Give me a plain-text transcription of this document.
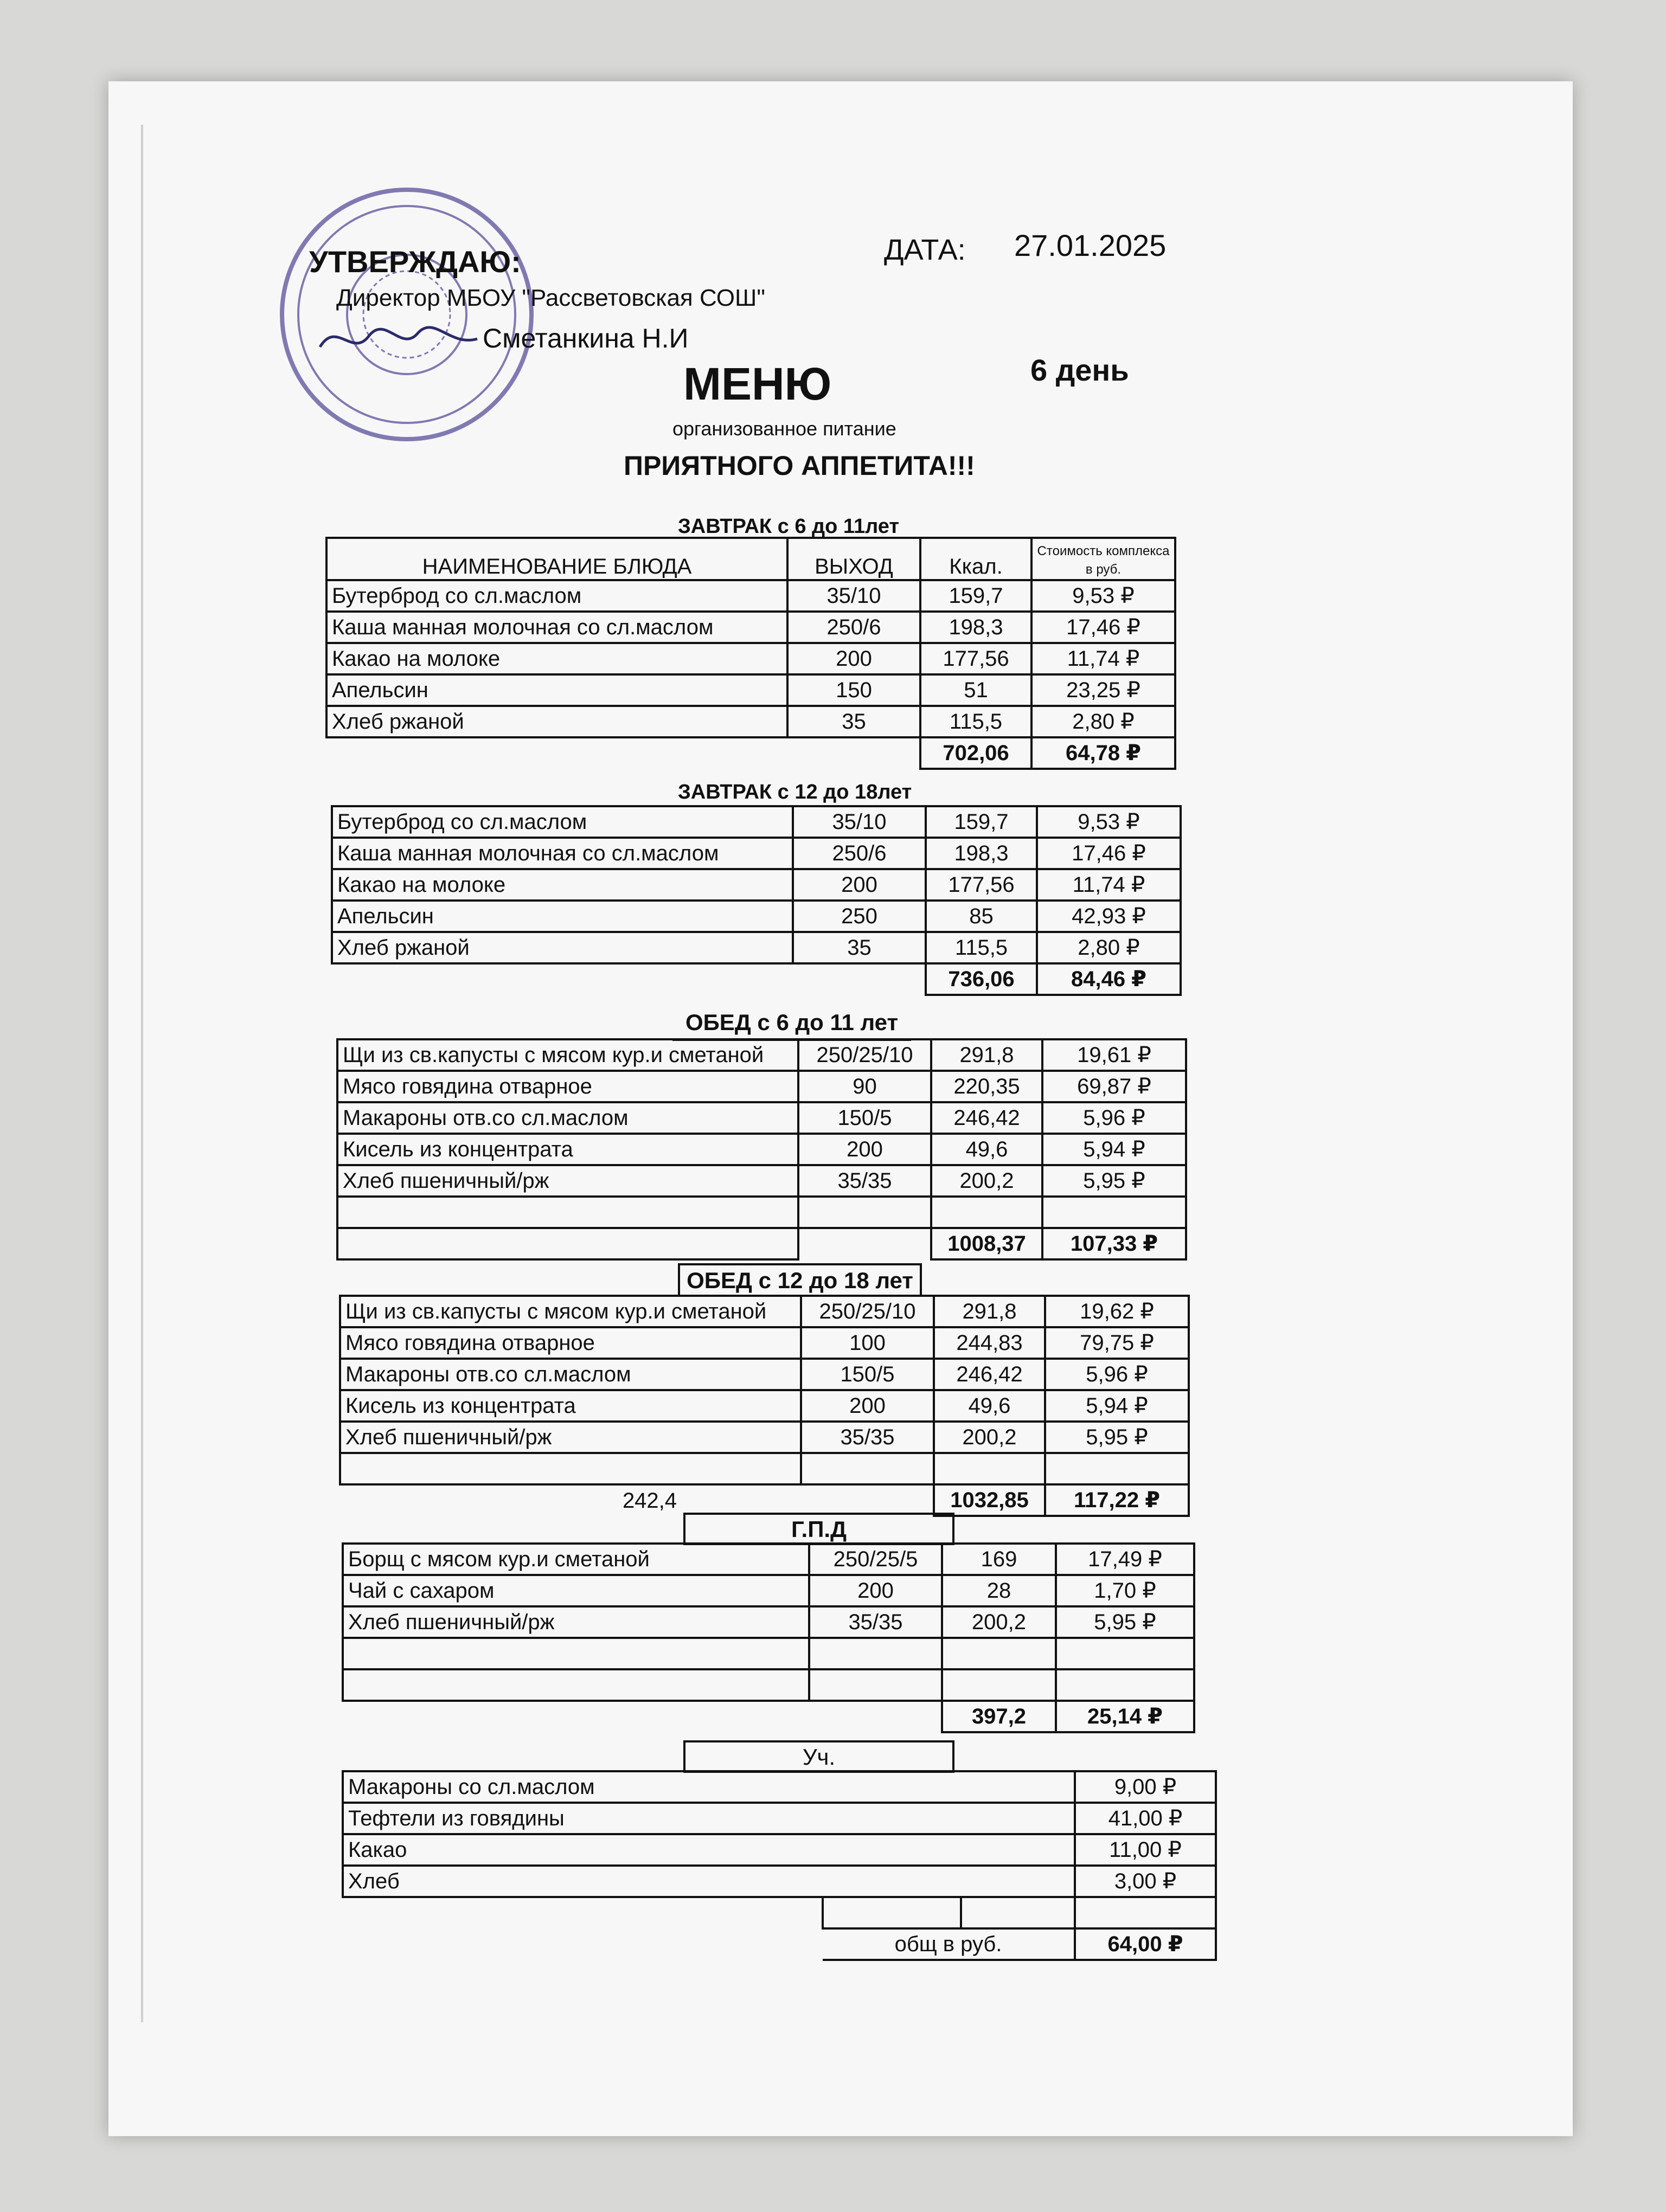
УТВЕРЖДАЮ:
Директор МБОУ "Рассветовская СОШ"
Сметанкина Н.И
ДАТА: 27.01.2025
МЕНЮ	6 день
организованное питание
ПРИЯТНОГО АППЕТИТА!!!
ЗАВТРАК с 6 до 11лет
НАИМЕНОВАНИЕ БЛЮДА	ВЫХОД	Ккал.	Стоимость комплекса в руб.
Бутерброд со сл.маслом	35/10	159,7	9,53 ₽
Каша манная молочная со сл.маслом	250/6	198,3	17,46 ₽
Какао на молоке	200	177,56	11,74 ₽
Апельсин	150	51	23,25 ₽
Хлеб ржаной	35	115,5	2,80 ₽
		702,06	64,78 ₽
ЗАВТРАК с 12 до 18лет
Бутерброд со сл.маслом	35/10	159,7	9,53 ₽
Каша манная молочная со сл.маслом	250/6	198,3	17,46 ₽
Какао на молоке	200	177,56	11,74 ₽
Апельсин	250	85	42,93 ₽
Хлеб ржаной	35	115,5	2,80 ₽
		736,06	84,46 ₽
ОБЕД с 6 до 11 лет
Щи из св.капусты с мясом кур.и сметаной	250/25/10	291,8	19,61 ₽
Мясо говядина отварное	90	220,35	69,87 ₽
Макароны отв.со сл.маслом	150/5	246,42	5,96 ₽
Кисель из концентрата	200	49,6	5,94 ₽
Хлеб пшеничный/рж	35/35	200,2	5,95 ₽

		1008,37	107,33 ₽
ОБЕД с 12 до 18 лет
Щи из св.капусты с мясом кур.и сметаной	250/25/10	291,8	19,62 ₽
Мясо говядина отварное	100	244,83	79,75 ₽
Макароны отв.со сл.маслом	150/5	246,42	5,96 ₽
Кисель из концентрата	200	49,6	5,94 ₽
Хлеб пшеничный/рж	35/35	200,2	5,95 ₽

242,4		1032,85	117,22 ₽
Г.П.Д
Борщ с мясом кур.и сметаной	250/25/5	169	17,49 ₽
Чай с сахаром	200	28	1,70 ₽
Хлеб пшеничный/рж	35/35	200,2	5,95 ₽

		397,2	25,14 ₽
Уч.
Макароны со сл.маслом			9,00 ₽
Тефтели из говядины			41,00 ₽
Какао			11,00 ₽
Хлеб			3,00 ₽

	общ в руб.		64,00 ₽
